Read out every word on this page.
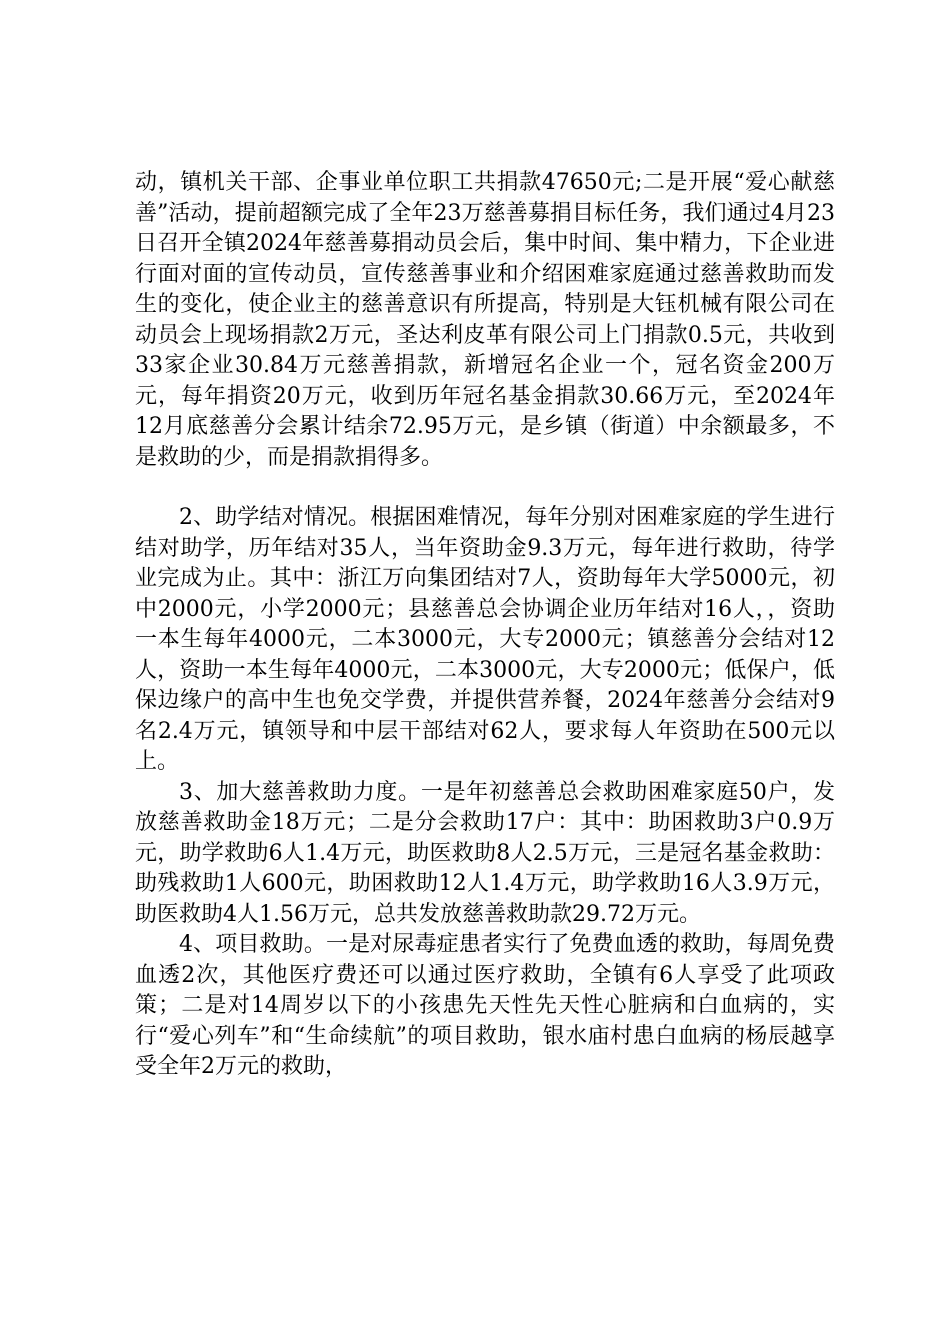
动，镇机关干部、企事业单位职工共捐款47650元;二是开展“爱心献慈善”活动，提前超额完成了全年23万慈善募捐目标任务，我们通过4月23日召开全镇2024年慈善募捐动员会后，集中时间、集中精力，下企业进行面对面的宣传动员，宣传慈善事业和介绍困难家庭通过慈善救助而发生的变化，使企业主的慈善意识有所提高，特别是大钰机械有限公司在动员会上现场捐款2万元，圣达利皮革有限公司上门捐款0.5元，共收到33家企业30.84万元慈善捐款，新增冠名企业一个，冠名资金200万元，每年捐资20万元，收到历年冠名基金捐款30.66万元，至2024年12月底慈善分会累计结余72.95万元，是乡镇（街道）中余额最多，不是救助的少，而是捐款捐得多。

2、助学结对情况。根据困难情况，每年分别对困难家庭的学生进行结对助学，历年结对35人，当年资助金9.3万元，每年进行救助，待学业完成为止。其中：浙江万向集团结对7人，资助每年大学5000元，初中2000元，小学2000元；县慈善总会协调企业历年结对16人，，资助一本生每年4000元，二本3000元，大专2000元；镇慈善分会结对12人，资助一本生每年4000元，二本3000元，大专2000元；低保户，低保边缘户的高中生也免交学费，并提供营养餐，2024年慈善分会结对9名2.4万元，镇领导和中层干部结对62人，要求每人年资助在500元以上。

3、加大慈善救助力度。一是年初慈善总会救助困难家庭50户，发放慈善救助金18万元；二是分会救助17户：其中：助困救助3户0.9万元，助学救助6人1.4万元，助医救助8人2.5万元，三是冠名基金救助：助残救助1人600元，助困救助12人1.4万元，助学救助16人3.9万元，助医救助4人1.56万元，总共发放慈善救助款29.72万元。

4、项目救助。一是对尿毒症患者实行了免费血透的救助，每周免费血透2次，其他医疗费还可以通过医疗救助，全镇有6人享受了此项政策；二是对14周岁以下的小孩患先天性先天性心脏病和白血病的，实行“爱心列车”和“生命续航”的项目救助，银水庙村患白血病的杨辰越享受全年2万元的救助，
